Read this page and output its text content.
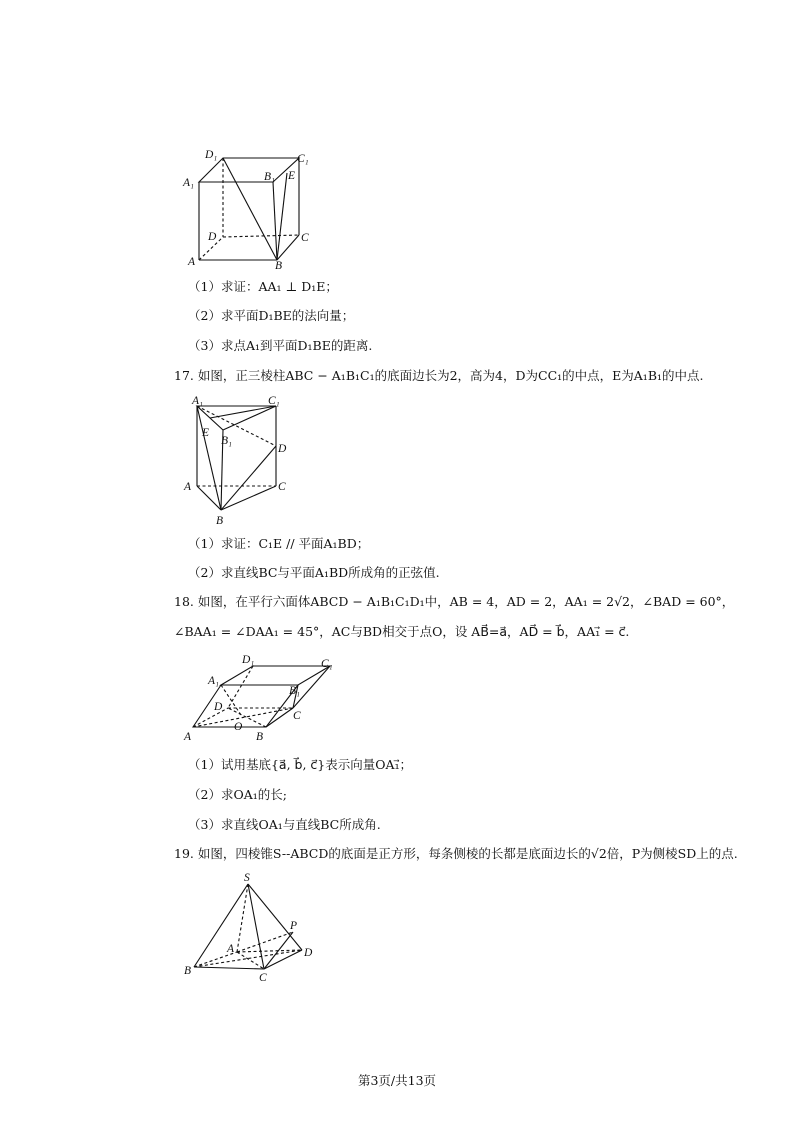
D₁	C₁
A₁	B₁ E
D	C
A	B
（1）求证：AA₁ ⊥ D₁E；
（2）求平面D₁BE的法向量；
（3）求点A₁到平面D₁BE的距离.
17. 如图，正三棱柱ABC − A₁B₁C₁的底面边长为2，高为4，D为CC₁的中点，E为A₁B₁的中点.
A₁	C₁
E
B₁
D
A	C
B
（1）求证：C₁E // 平面A₁BD；
（2）求直线BC与平面A₁BD所成角的正弦值.
18. 如图，在平行六面体ABCD − A₁B₁C₁D₁中，AB = 4，AD = 2，AA₁ = 2√2，∠BAD = 60°，
∠BAA₁ = ∠DAA₁ = 45°，AC与BD相交于点O，设 AB⃗=a⃗，AD⃗ = b⃗，AA₁⃗ = c⃗.
D₁	C₁
A₁
B₁
D
C
O
A	B
（1）试用基底{a⃗, b⃗, c⃗}表示向量OA₁⃗；
（2）求OA₁的长;
（3）求直线OA₁与直线BC所成角.
19. 如图，四棱锥S--ABCD的底面是正方形，每条侧棱的长都是底面边长的√2倍，P为侧棱SD上的点.
S
P
A	D
B
C
第3页/共13页
